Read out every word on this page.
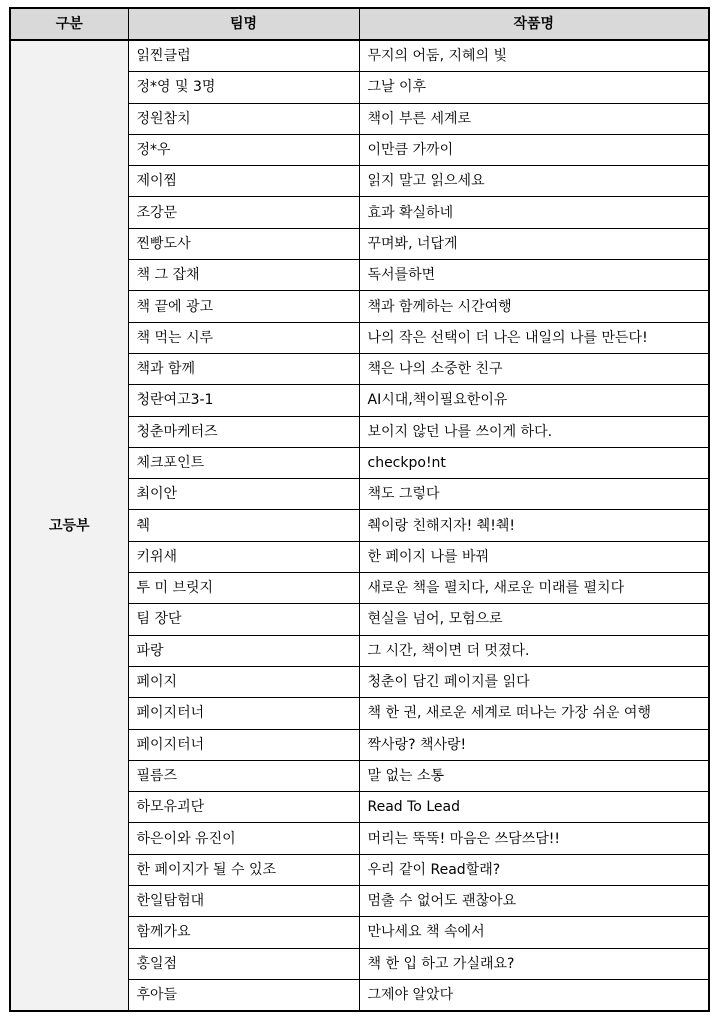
구분	팀명	작품명
고등부	읽찐클럽	무지의 어둠, 지혜의 빛
	정*영 및 3명	그날 이후
	정원참치	책이 부른 세계로
	정*우	이만큼 가까이
	제이찜	읽지 말고 읽으세요
	조강문	효과 확실하네
	찐빵도사	꾸며봐, 너답게
	책 그 잡채	독서를하면
	책 끝에 광고	책과 함께하는 시간여행
	책 먹는 시루	나의 작은 선택이 더 나은 내일의 나를 만든다!
	책과 함께	책은 나의 소중한 친구
	청란여고3-1	AI시대,책이필요한이유
	청춘마케터즈	보이지 않던 나를 쓰이게 하다.
	체크포인트	checkpo!nt
	최이안	책도 그렇다
	췍	췍이랑 친해지자! 췍!췍!
	키위새	한 페이지 나를 바꿔
	투 미 브릿지	새로운 책을 펼치다, 새로운 미래를 펼치다
	팀 장단	현실을 넘어, 모험으로
	파랑	그 시간, 책이면 더 멋졌다.
	페이지	청춘이 담긴 페이지를 읽다
	페이지터너	책 한 권, 새로운 세계로 떠나는 가장 쉬운 여행
	페이지터너	짝사랑? 책사랑!
	필름즈	말 없는 소통
	하모유괴단	Read To Lead
	하은이와 유진이	머리는 뚝뚝! 마음은 쓰담쓰담!!
	한 페이지가 될 수 있조	우리 같이 Read할래?
	한일탐험대	멈출 수 없어도 괜찮아요
	함께가요	만나세요 책 속에서
	홍일점	책 한 입 하고 가실래요?
	후아들	그제야 알았다
